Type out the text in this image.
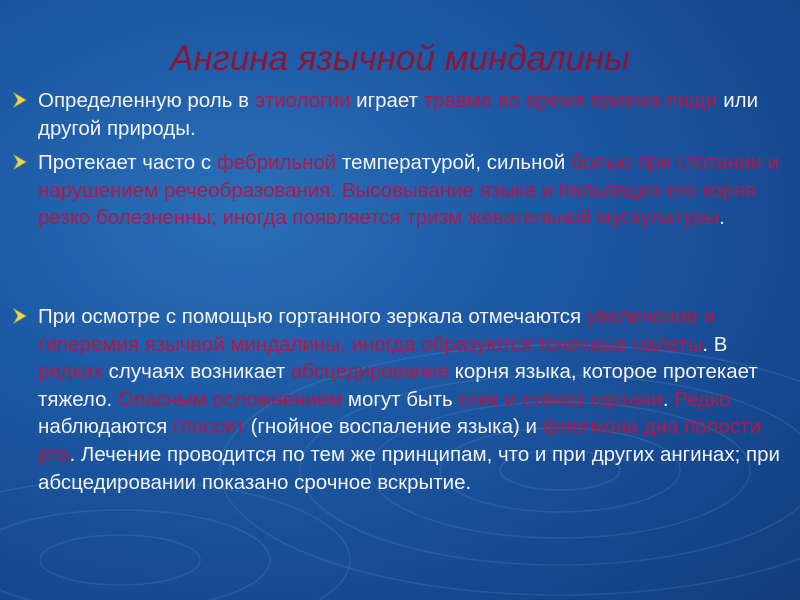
Ангина язычной миндалины
Определенную роль в этиологии играет травма во время приема пищи или другой природы.
Протекает часто с фебрильной температурой, сильной болью при глотании и нарушением речеобразования. Высовывание языка и пальпация его корня резко болезненны; иногда появляется тризм жевательной мускулатуры.
При осмотре с помощью гортанного зеркала отмечаются увеличение и гиперемия язычной миндалины, иногда образуются точечные налеты. В редких случаях возникает абсцедирование корня языка, которое протекает тяжело. Опасным осложнением могут быть отек и стеноз гортани. Редко наблюдаются глоссит (гнойное воспаление языка) и флегмона дна полости рта. Лечение проводится по тем же принципам, что и при других ангинах; при абсцедировании показано срочное вскрытие.
